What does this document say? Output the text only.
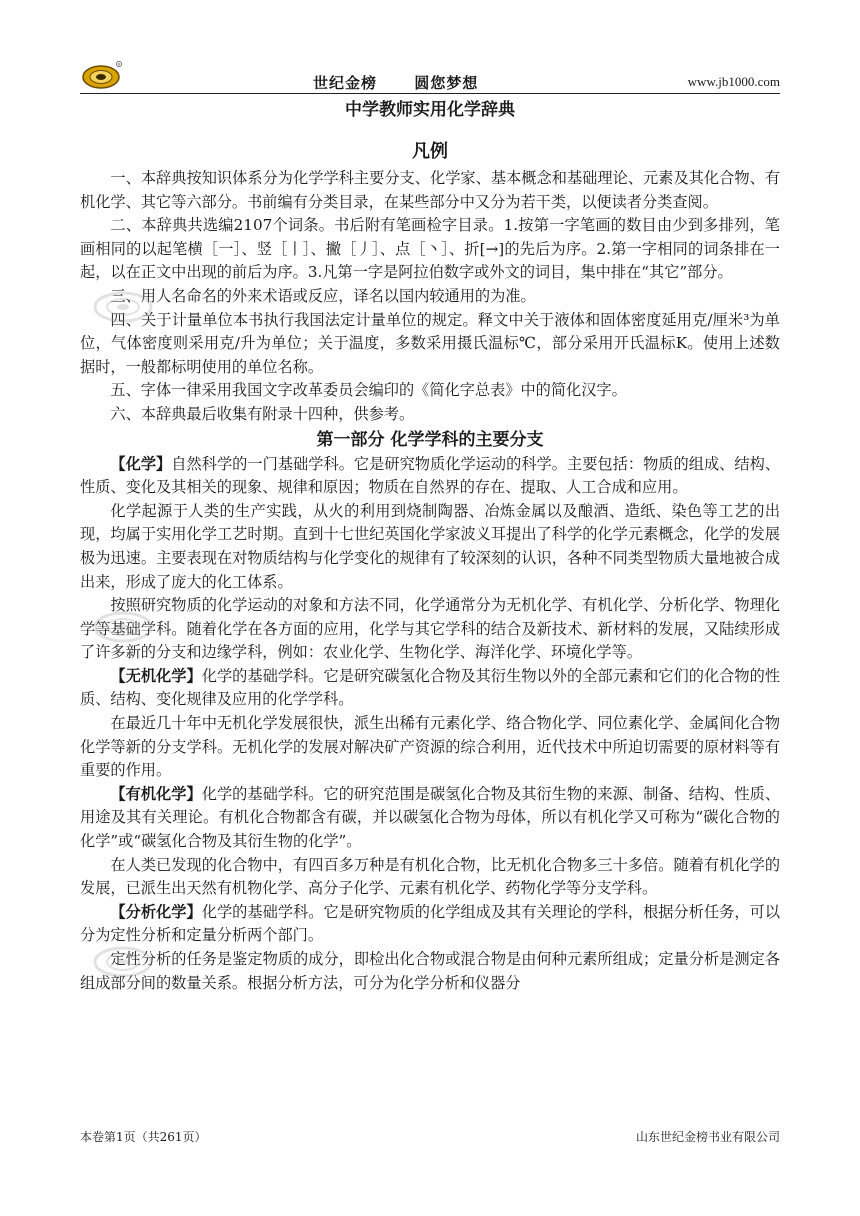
R
世纪金榜      圆您梦想	www.jb1000.com
中学教师实用化学辞典
凡例

一、本辞典按知识体系分为化学学科主要分支、化学家、基本概念和基础理论、元素及其化合物、有机化学、其它等六部分。书前编有分类目录，在某些部分中又分为若干类，以便读者分类查阅。

二、本辞典共选编2107个词条。书后附有笔画检字目录。1.按第一字笔画的数目由少到多排列，笔画相同的以起笔横［一］、竖［丨］、撇［丿］、点［丶］、折[→]的先后为序。2.第一字相同的词条排在一起，以在正文中出现的前后为序。3.凡第一字是阿拉伯数字或外文的词目，集中排在“其它”部分。

三、用人名命名的外来术语或反应，译名以国内较通用的为准。

四、关于计量单位本书执行我国法定计量单位的规定。释文中关于液体和固体密度延用克/厘米³为单位，气体密度则采用克/升为单位；关于温度，多数采用摄氏温标℃，部分采用开氏温标K。使用上述数据时，一般都标明使用的单位名称。

五、字体一律采用我国文字改革委员会编印的《简化字总表》中的简化汉字。

六、本辞典最后收集有附录十四种，供参考。

第一部分 化学学科的主要分支

【化学】自然科学的一门基础学科。它是研究物质化学运动的科学。主要包括：物质的组成、结构、性质、变化及其相关的现象、规律和原因；物质在自然界的存在、提取、人工合成和应用。

化学起源于人类的生产实践，从火的利用到烧制陶器、冶炼金属以及酿酒、造纸、染色等工艺的出现，均属于实用化学工艺时期。直到十七世纪英国化学家波义耳提出了科学的化学元素概念，化学的发展极为迅速。主要表现在对物质结构与化学变化的规律有了较深刻的认识，各种不同类型物质大量地被合成出来，形成了庞大的化工体系。

按照研究物质的化学运动的对象和方法不同，化学通常分为无机化学、有机化学、分析化学、物理化学等基础学科。随着化学在各方面的应用，化学与其它学科的结合及新技术、新材料的发展，又陆续形成了许多新的分支和边缘学科，例如：农业化学、生物化学、海洋化学、环境化学等。

【无机化学】化学的基础学科。它是研究碳氢化合物及其衍生物以外的全部元素和它们的化合物的性质、结构、变化规律及应用的化学学科。

在最近几十年中无机化学发展很快，派生出稀有元素化学、络合物化学、同位素化学、金属间化合物化学等新的分支学科。无机化学的发展对解决矿产资源的综合利用，近代技术中所迫切需要的原材料等有重要的作用。

【有机化学】化学的基础学科。它的研究范围是碳氢化合物及其衍生物的来源、制备、结构、性质、用途及其有关理论。有机化合物都含有碳，并以碳氢化合物为母体，所以有机化学又可称为“碳化合物的化学”或“碳氢化合物及其衍生物的化学”。

在人类已发现的化合物中，有四百多万种是有机化合物，比无机化合物多三十多倍。随着有机化学的发展，已派生出天然有机物化学、高分子化学、元素有机化学、药物化学等分支学科。

【分析化学】化学的基础学科。它是研究物质的化学组成及其有关理论的学科，根据分析任务，可以分为定性分析和定量分析两个部门。

定性分析的任务是鉴定物质的成分，即检出化合物或混合物是由何种元素所组成；定量分析是测定各组成部分间的数量关系。根据分析方法，可分为化学分析和仪器分

本卷第1页（共261页）	山东世纪金榜书业有限公司
